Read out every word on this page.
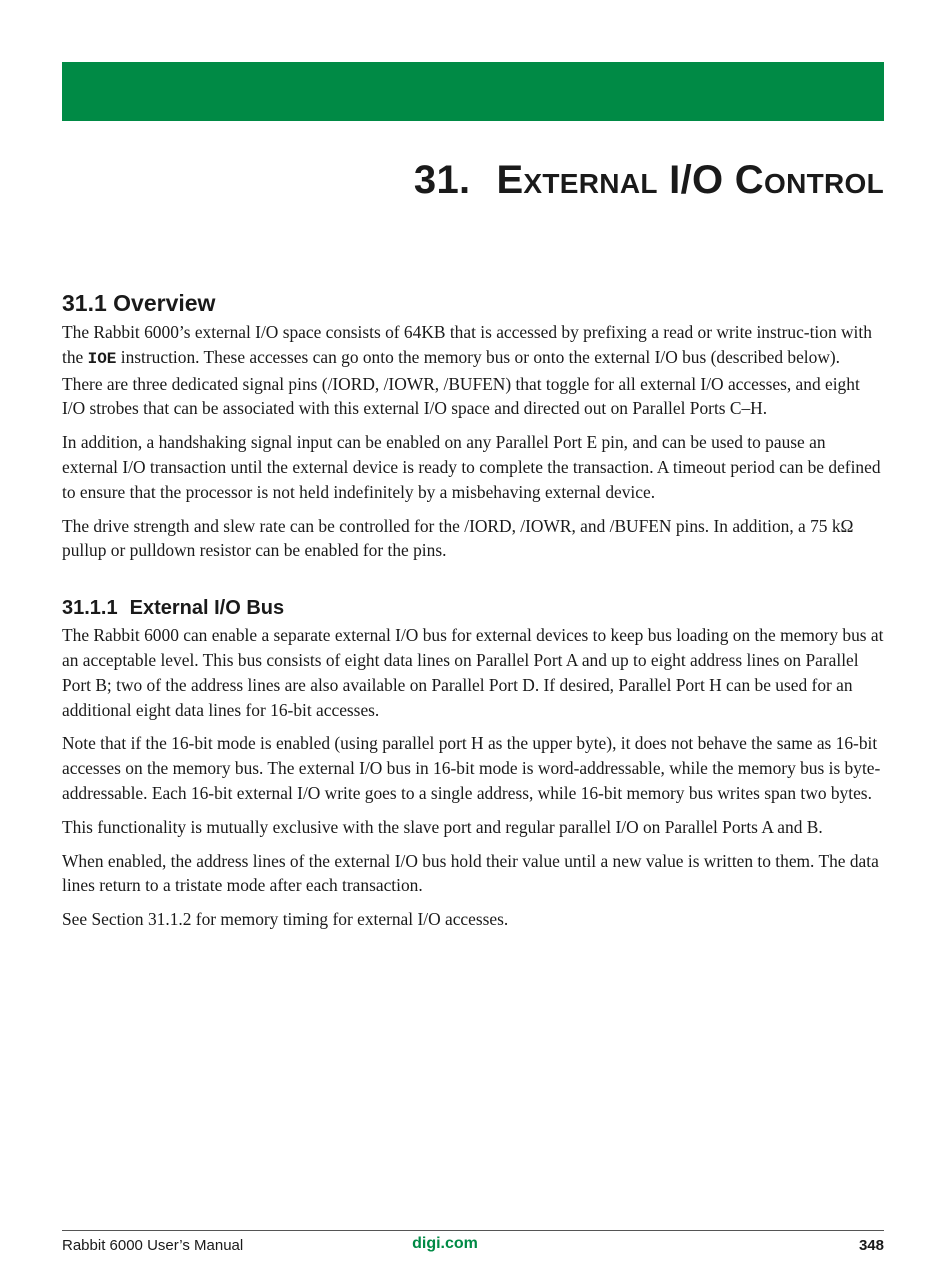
31. External I/O Control
31.1 Overview

The Rabbit 6000’s external I/O space consists of 64KB that is accessed by prefixing a read or write instruc-tion with the IOE instruction. These accesses can go onto the memory bus or onto the external I/O bus (described below). There are three dedicated signal pins (/IORD, /IOWR, /BUFEN) that toggle for all external I/O accesses, and eight I/O strobes that can be associated with this external I/O space and directed out on Parallel Ports C–H.

In addition, a handshaking signal input can be enabled on any Parallel Port E pin, and can be used to pause an external I/O transaction until the external device is ready to complete the transaction. A timeout period can be defined to ensure that the processor is not held indefinitely by a misbehaving external device.

The drive strength and slew rate can be controlled for the /IORD, /IOWR, and /BUFEN pins. In addition, a 75 kΩ pullup or pulldown resistor can be enabled for the pins.

31.1.1 External I/O Bus

The Rabbit 6000 can enable a separate external I/O bus for external devices to keep bus loading on the memory bus at an acceptable level. This bus consists of eight data lines on Parallel Port A and up to eight address lines on Parallel Port B; two of the address lines are also available on Parallel Port D. If desired, Parallel Port H can be used for an additional eight data lines for 16-bit accesses.

Note that if the 16-bit mode is enabled (using parallel port H as the upper byte), it does not behave the same as 16-bit accesses on the memory bus. The external I/O bus in 16-bit mode is word-addressable, while the memory bus is byte-addressable. Each 16-bit external I/O write goes to a single address, while 16-bit memory bus writes span two bytes.

This functionality is mutually exclusive with the slave port and regular parallel I/O on Parallel Ports A and B.

When enabled, the address lines of the external I/O bus hold their value until a new value is written to them. The data lines return to a tristate mode after each transaction.

See Section 31.1.2 for memory timing for external I/O accesses.

Rabbit 6000 User’s Manual	digi.com	348
